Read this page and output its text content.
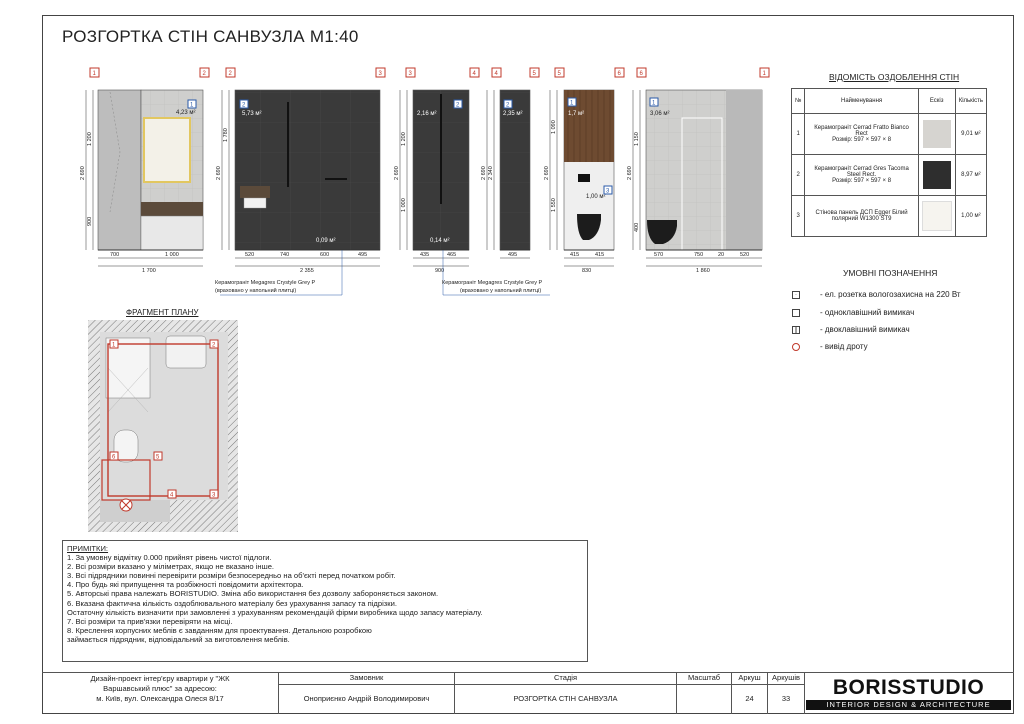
РОЗГОРТКА СТІН САНВУЗЛА М1:40
1	2	2	3	3	4	4	5	5	6	6	1
4,23 м²	5,73 м²
0,09 м²
2,16 м²
0,14 м²
2,35 м²	1,7 м²
1,00 м²
3,06 м²
1	2	2	2	1
3
1
700	1 000
1 700
520	740	600	495
2 355
435	465
900
495	415	415
830
570	750	20	520
1 860
2 690
1 200
900
2 690
1 780
2 690
1 200
1 000
2 690 2 340	2 690
1 090
1 550
2 690
1 150
400
Керамограніт Megagres Crystyle Grey P
(враховано у напольний плитці)
Керамограніт Megagres Crystyle Grey P
(враховано у напольний плитці)
ВІДОМІСТЬ ОЗДОБЛЕННЯ СТІН
№	Найменування	Ескіз	Кількість
1	Керамограніт Cerrad Fratto Bianco Rect
Розмір: 597 × 597 × 8		9,01 м²
2	Керамограніт Cerrad Gres Tacoma Steel Rect.
Розмір: 597 × 597 × 8		8,97 м²
3	Стінова панель ДСП Egger Білий полярний W1300 ST9		1,00 м²
УМОВНІ ПОЗНАЧЕННЯ
·	- ел. розетка вологозахисна на 220 Вт
- одноклавішний вимикач
- двоклавішний вимикач
- вивід дроту
ФРАГМЕНТ ПЛАНУ
1	2
6	5
4	3
ПРИМІТКИ:
1. За умовну відмітку 0.000 прийнят рівень чистої підлоги.
2. Всі розміри вказано у міліметрах, якщо не вказано інше.
3. Всі підрядники повинні перевірити розміри безпосередньо на об'єкті перед початком робіт.
4. Про будь які припущення та розбіжності повідомити архітектора.
5. Авторські права належать BORISTUDIO. Зміна або використання без дозволу забороняється законом.
6. Вказана фактична кількість оздоблювального матеріалу без урахування запасу та підрізки.
Остаточну кількість визначити при замовленні з урахуванням рекомендацій фірми виробника щодо запасу матеріалу.
7. Всі розміри та прив'язки перевіряти на місці.
8. Креслення корпусних меблів є завданням для проектування. Детальною розробкою
займається підрядник, відповідальний за виготовлення меблів.
Дизайн-проект інтер'єру квартири у "ЖК
Варшавський плюс" за адресою:
м. Київ, вул. Олександра Олеся 8/17
Замовник
Оноприєнко Андрій Володимирович
Стадія
РОЗГОРТКА СТІН САНВУЗЛА
Масштаб	Аркуш
24
Аркушів
33	BORISSTUDIO
INTERIOR DESIGN & ARCHITECTURE
